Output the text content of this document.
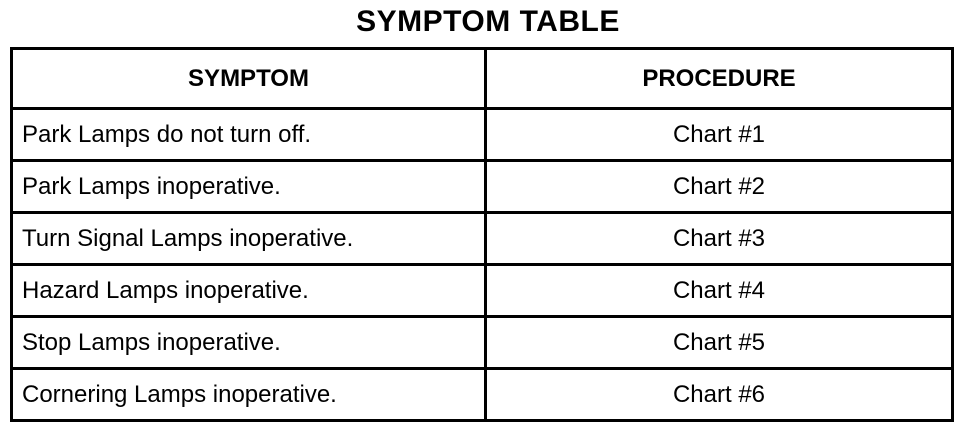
SYMPTOM TABLE
SYMPTOM	PROCEDURE
Park Lamps do not turn off.	Chart #1
Park Lamps inoperative.	Chart #2
Turn Signal Lamps inoperative.	Chart #3
Hazard Lamps inoperative.	Chart #4
Stop Lamps inoperative.	Chart #5
Cornering Lamps inoperative.	Chart #6
